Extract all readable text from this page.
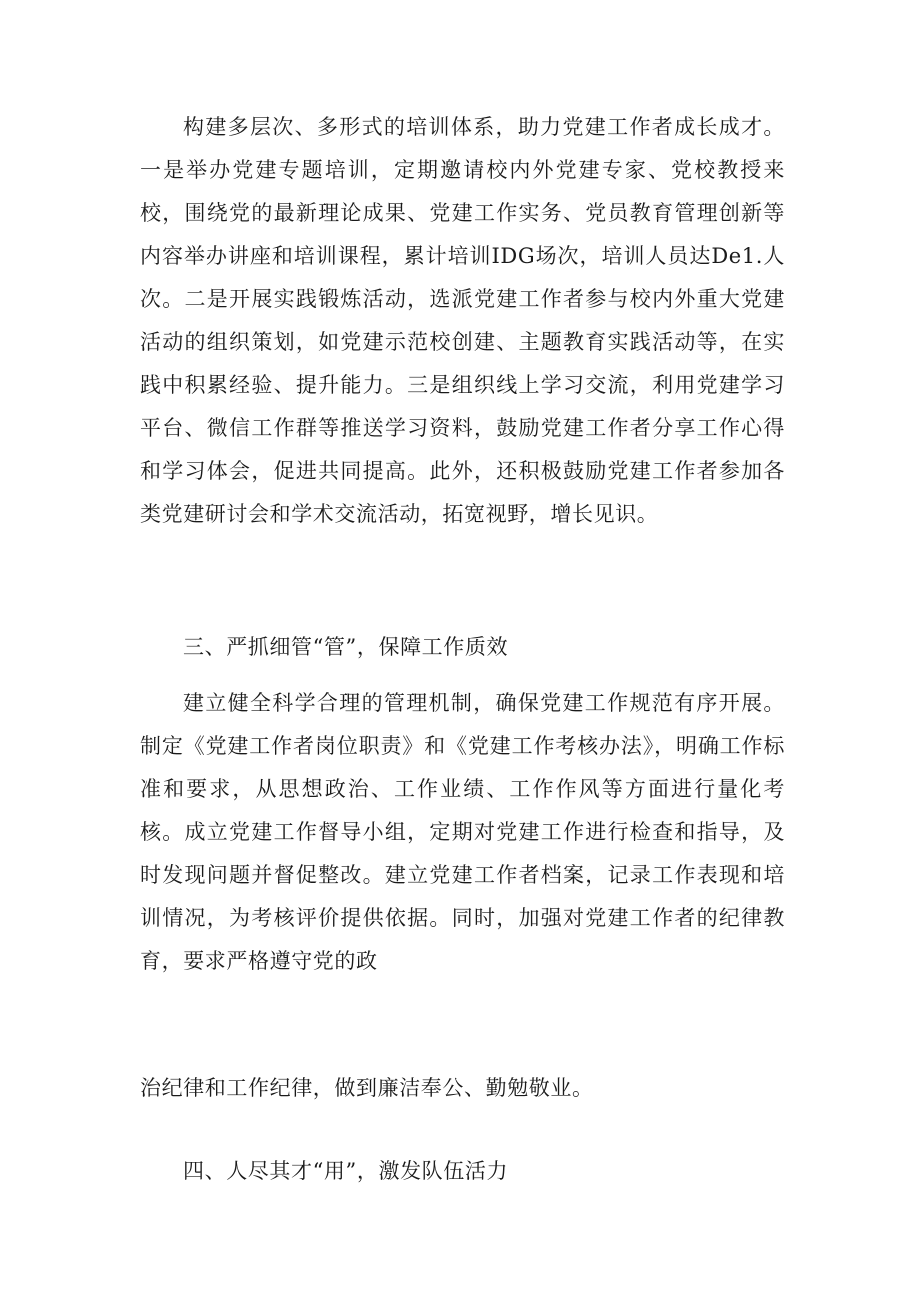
构建多层次、多形式的培训体系，助力党建工作者成长成才。一是举办党建专题培训，定期邀请校内外党建专家、党校教授来校，围绕党的最新理论成果、党建工作实务、党员教育管理创新等内容举办讲座和培训课程，累计培训IDG场次，培训人员达De1.人次。二是开展实践锻炼活动，选派党建工作者参与校内外重大党建活动的组织策划，如党建示范校创建、主题教育实践活动等，在实践中积累经验、提升能力。三是组织线上学习交流，利用党建学习平台、微信工作群等推送学习资料，鼓励党建工作者分享工作心得和学习体会，促进共同提高。此外，还积极鼓励党建工作者参加各类党建研讨会和学术交流活动，拓宽视野，增长见识。

三、严抓细管“管”，保障工作质效

建立健全科学合理的管理机制，确保党建工作规范有序开展。制定《党建工作者岗位职责》和《党建工作考核办法》，明确工作标准和要求，从思想政治、工作业绩、工作作风等方面进行量化考核。成立党建工作督导小组，定期对党建工作进行检查和指导，及时发现问题并督促整改。建立党建工作者档案，记录工作表现和培训情况，为考核评价提供依据。同时，加强对党建工作者的纪律教育，要求严格遵守党的政

治纪律和工作纪律，做到廉洁奉公、勤勉敬业。

四、人尽其才“用”，激发队伍活力
